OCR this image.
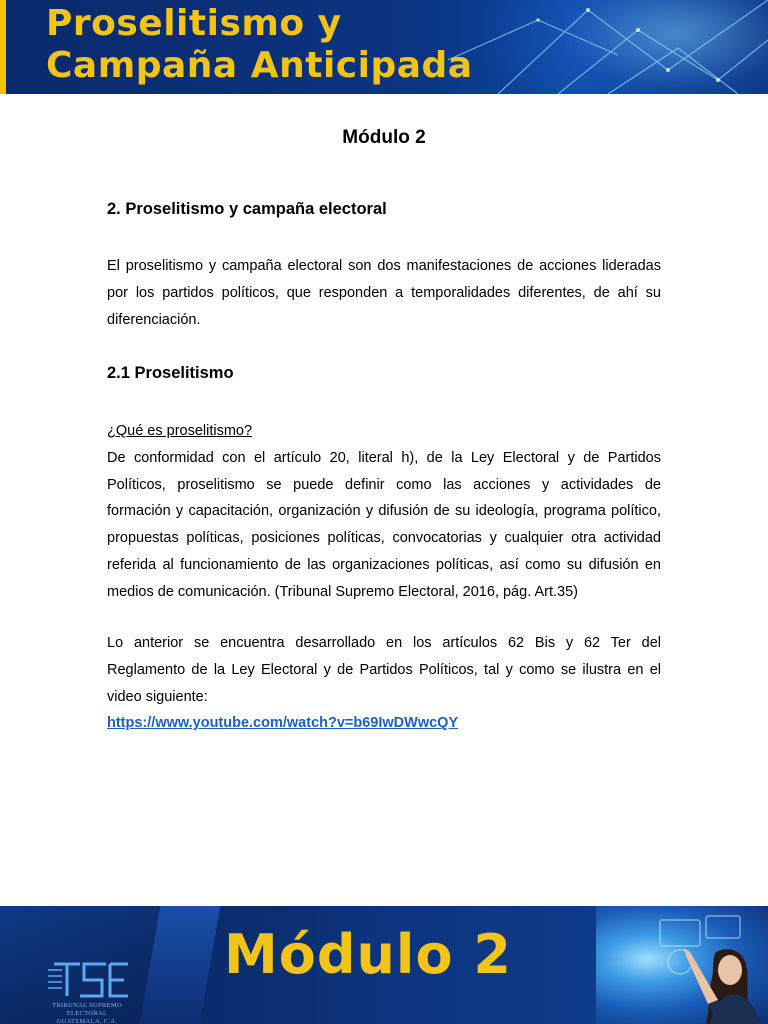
Proselitismo y
Campaña Anticipada
Módulo 2
2. Proselitismo y campaña electoral
El proselitismo y campaña electoral son dos manifestaciones de acciones lideradas
por los partidos políticos, que responden a temporalidades diferentes, de ahí su
diferenciación.
2.1 Proselitismo
¿Qué es proselitismo?
De conformidad con el artículo 20, literal h), de la Ley Electoral y de Partidos
Políticos, proselitismo se puede definir como las acciones y actividades de
formación y capacitación, organización y difusión de su ideología, programa político,
propuestas políticas, posiciones políticas, convocatorias y cualquier otra actividad
referida al funcionamiento de las organizaciones políticas, así como su difusión en
medios de comunicación. (Tribunal Supremo Electoral, 2016, pág. Art.35)
Lo anterior se encuentra desarrollado en los artículos 62 Bis y 62 Ter del
Reglamento de la Ley Electoral y de Partidos Políticos, tal y como se ilustra en el
video siguiente:
https://www.youtube.com/watch?v=b69IwDWwcQY
TRIBUNAL SUPREMO ELECTORAL
GUATEMALA, C.A.
Módulo 2
